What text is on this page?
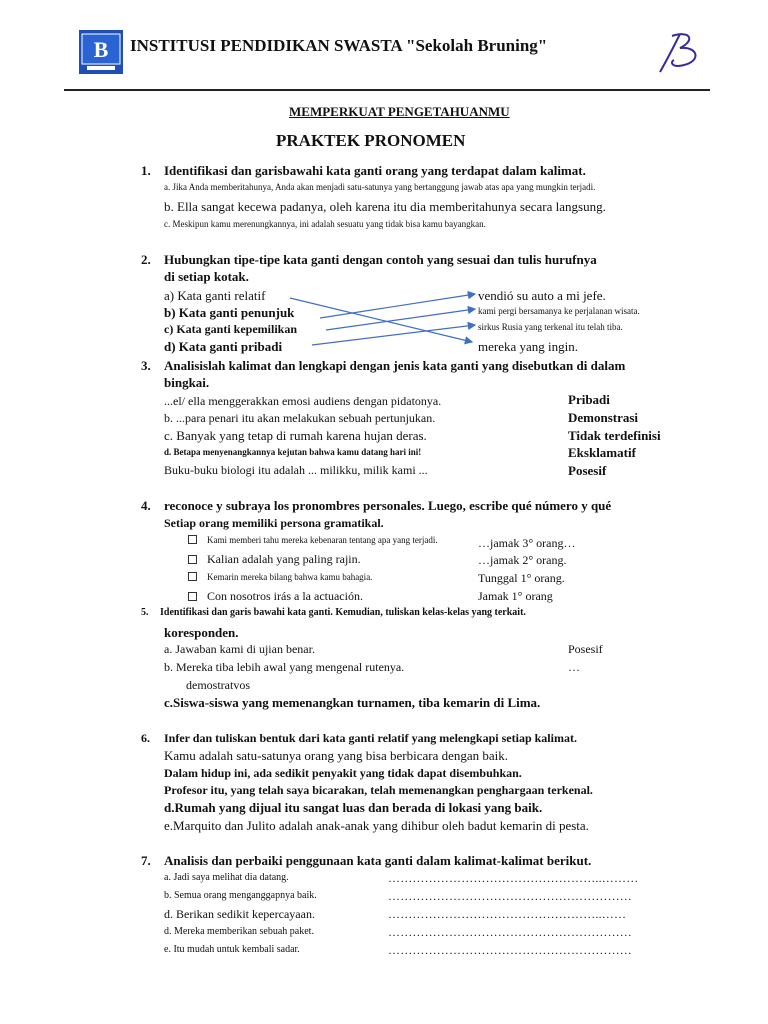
B INSTITUSI PENDIDIKAN SWASTA "Sekolah Bruning"
MEMPERKUAT PENGETAHUANMU
PRAKTEK PRONOMEN
1. Identifikasi dan garisbawahi kata ganti orang yang terdapat dalam kalimat.
a. Jika Anda memberitahunya, Anda akan menjadi satu-satunya yang bertanggung jawab atas apa yang mungkin terjadi.
b. Ella sangat kecewa padanya, oleh karena itu dia memberitahunya secara langsung.
c. Meskipun kamu merenungkannya, ini adalah sesuatu yang tidak bisa kamu bayangkan.
2. Hubungkan tipe-tipe kata ganti dengan contoh yang sesuai dan tulis hurufnya
di setiap kotak.
a) Kata ganti relatif
b) Kata ganti penunjuk
c) Kata ganti kepemilikan
d) Kata ganti pribadi
vendió su auto a mi jefe.
kami pergi bersamanya ke perjalanan wisata.
sirkus Rusia yang terkenal itu telah tiba.
mereka yang ingin.
3. Analisislah kalimat dan lengkapi dengan jenis kata ganti yang disebutkan di dalam
bingkai.
...el/ ella menggerakkan emosi audiens dengan pidatonya.
b. ...para penari itu akan melakukan sebuah pertunjukan.
c. Banyak yang tetap di rumah karena hujan deras.
d. Betapa menyenangkannya kejutan bahwa kamu datang hari ini!
Buku-buku biologi itu adalah ... milikku, milik kami ...
Pribadi
Demonstrasi
Tidak terdefinisi
Eksklamatif
Posesif
4. reconoce y subraya los pronombres personales. Luego, escribe qué número y qué
Setiap orang memiliki persona gramatikal.
Kami memberi tahu mereka kebenaran tentang apa yang terjadi.
Kalian adalah yang paling rajin.
Kemarin mereka bilang bahwa kamu bahagia.
Con nosotros irás a la actuación.
…jamak 3° orang…
…jamak 2° orang.
Tunggal 1° orang.
Jamak 1° orang
5. Identifikasi dan garis bawahi kata ganti. Kemudian, tuliskan kelas-kelas yang terkait.
koresponden.
a. Jawaban kami di ujian benar.	Posesif
b. Mereka tiba lebih awal yang mengenal rutenya.	…
demostratvos
c.Siswa-siswa yang memenangkan turnamen, tiba kemarin di Lima.
6. Infer dan tuliskan bentuk dari kata ganti relatif yang melengkapi setiap kalimat.
Kamu adalah satu-satunya orang yang bisa berbicara dengan baik.
Dalam hidup ini, ada sedikit penyakit yang tidak dapat disembuhkan.
Profesor itu, yang telah saya bicarakan, telah memenangkan penghargaan terkenal.
d.Rumah yang dijual itu sangat luas dan berada di lokasi yang baik.
e.Marquito dan Julito adalah anak-anak yang dihibur oleh badut kemarin di pesta.
7. Analisis dan perbaiki penggunaan kata ganti dalam kalimat-kalimat berikut.
a. Jadi saya melihat dia datang.
b. Semua orang menganggapnya baik.
d. Berikan sedikit kepercayaan.
d. Mereka memberikan sebuah paket.
e. Itu mudah untuk kembali sadar.
……………………………………………..………
……………………………………………………
……………………………………………..……
……………………………………………………
……………………………………………………
